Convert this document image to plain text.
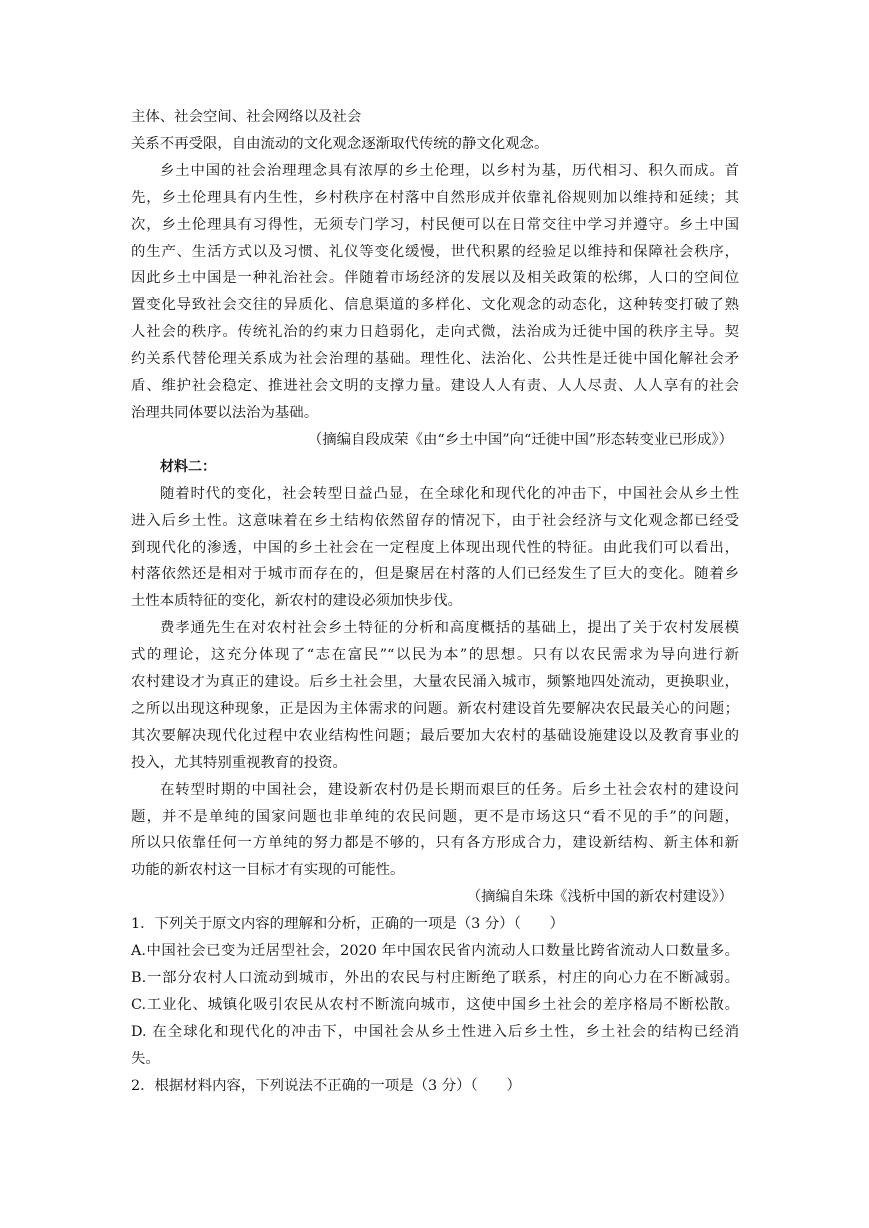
主体、社会空间、社会网络以及社会
关系不再受限，自由流动的文化观念逐渐取代传统的静文化观念。
乡土中国的社会治理理念具有浓厚的乡土伦理，以乡村为基，历代相习、积久而成。首
先，乡土伦理具有内生性，乡村秩序在村落中自然形成并依靠礼俗规则加以维持和延续；其
次，乡土伦理具有习得性，无须专门学习，村民便可以在日常交往中学习并遵守。乡土中国
的生产、生活方式以及习惯、礼仪等变化缓慢，世代积累的经验足以维持和保障社会秩序，
因此乡土中国是一种礼治社会。伴随着市场经济的发展以及相关政策的松绑，人口的空间位
置变化导致社会交往的异质化、信息渠道的多样化、文化观念的动态化，这种转变打破了熟
人社会的秩序。传统礼治的约束力日趋弱化，走向式微，法治成为迁徙中国的秩序主导。契
约关系代替伦理关系成为社会治理的基础。理性化、法治化、公共性是迁徙中国化解社会矛
盾、维护社会稳定、推进社会文明的支撑力量。建设人人有责、人人尽责、人人享有的社会
治理共同体要以法治为基础。
（摘编自段成荣《由“乡土中国”向“迁徙中国”形态转变业已形成》）
材料二：
随着时代的变化，社会转型日益凸显，在全球化和现代化的冲击下，中国社会从乡土性
进入后乡土性。这意味着在乡土结构依然留存的情况下，由于社会经济与文化观念都已经受
到现代化的渗透，中国的乡土社会在一定程度上体现出现代性的特征。由此我们可以看出，
村落依然还是相对于城市而存在的，但是聚居在村落的人们已经发生了巨大的变化。随着乡
土性本质特征的变化，新农村的建设必须加快步伐。
费孝通先生在对农村社会乡土特征的分析和高度概括的基础上，提出了关于农村发展模
式的理论，这充分体现了“志在富民”“以民为本”的思想。只有以农民需求为导向进行新
农村建设才为真正的建设。后乡土社会里，大量农民涌入城市，频繁地四处流动，更换职业，
之所以出现这种现象，正是因为主体需求的问题。新农村建设首先要解决农民最关心的问题；
其次要解决现代化过程中农业结构性问题；最后要加大农村的基础设施建设以及教育事业的
投入，尤其特别重视教育的投资。
在转型时期的中国社会，建设新农村仍是长期而艰巨的任务。后乡土社会农村的建设问
题，并不是单纯的国家问题也非单纯的农民问题，更不是市场这只“看不见的手”的问题，
所以只依靠任何一方单纯的努力都是不够的，只有各方形成合力，建设新结构、新主体和新
功能的新农村这一目标才有实现的可能性。
（摘编自朱珠《浅析中国的新农村建设》）
1．下列关于原文内容的理解和分析，正确的一项是（3 分）（　　）
A.中国社会已变为迁居型社会，2020 年中国农民省内流动人口数量比跨省流动人口数量多。
B.一部分农村人口流动到城市，外出的农民与村庄断绝了联系，村庄的向心力在不断减弱。
C.工业化、城镇化吸引农民从农村不断流向城市，这使中国乡土社会的差序格局不断松散。
D. 在全球化和现代化的冲击下，中国社会从乡土性进入后乡土性，乡土社会的结构已经消
失。
2．根据材料内容，下列说法不正确的一项是（3 分）（　　）
